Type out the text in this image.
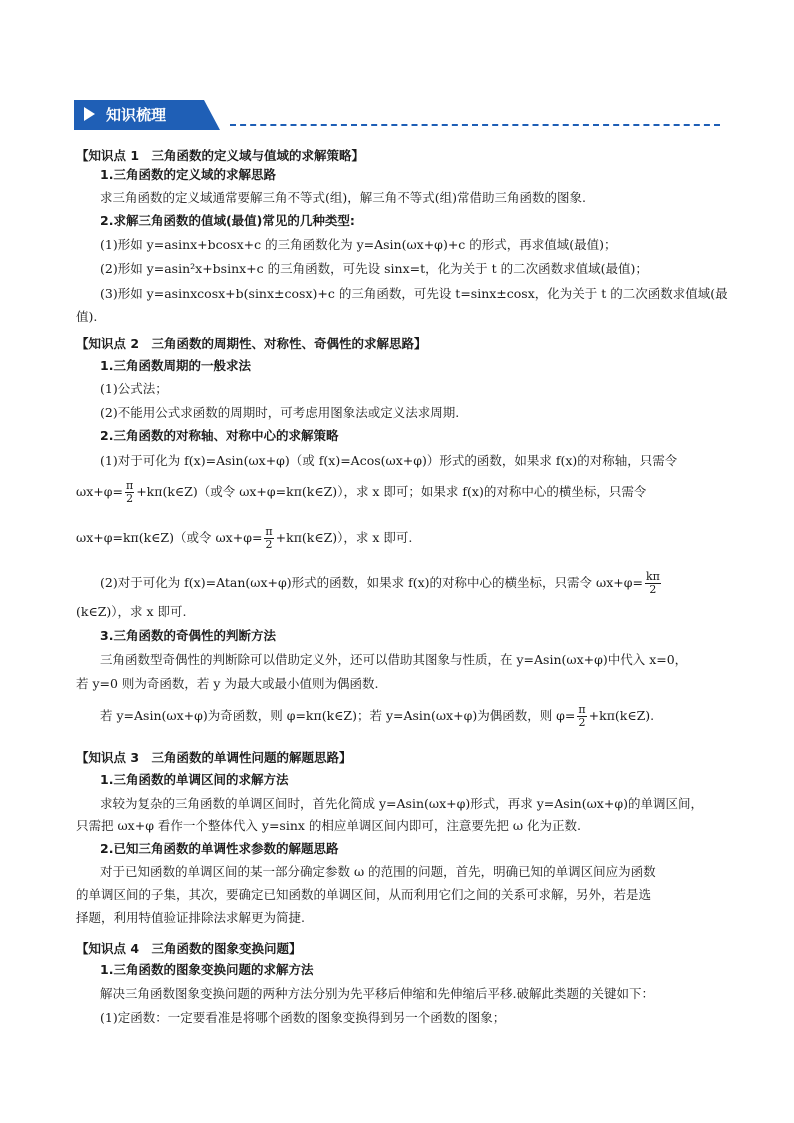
知识梳理
【知识点 1　三角函数的定义域与值域的求解策略】
1.三角函数的定义域的求解思路
求三角函数的定义域通常要解三角不等式(组)，解三角不等式(组)常借助三角函数的图象.
2.求解三角函数的值域(最值)常见的几种类型:
(1)形如 y=asinx+bcosx+c 的三角函数化为 y=Asin(ωx+φ)+c 的形式，再求值域(最值)；
(2)形如 y=asin²x+bsinx+c 的三角函数，可先设 sinx=t，化为关于 t 的二次函数求值域(最值)；
(3)形如 y=asinxcosx+b(sinx±cosx)+c 的三角函数，可先设 t=sinx±cosx，化为关于 t 的二次函数求值域(最
值).
【知识点 2　三角函数的周期性、对称性、奇偶性的求解思路】
1.三角函数周期的一般求法
(1)公式法；
(2)不能用公式求函数的周期时，可考虑用图象法或定义法求周期.
2.三角函数的对称轴、对称中心的求解策略
(1)对于可化为 f(x)=Asin(ωx+φ)（或 f(x)=Acos(ωx+φ)）形式的函数，如果求 f(x)的对称轴，只需令
$\omega x+\varphi= \frac{\pi}{2}$ +kπ(k∈Z)（或令 ωx+φ=kπ(k∈Z)），求 x 即可；如果求 f(x)的对称中心的横坐标，只需令
ωx+φ=kπ(k∈Z)（或令 $\omega x+\varphi= \frac{\pi}{2}$ +kπ(k∈Z)），求 x 即可.
(2)对于可化为 f(x)=Atan(ωx+φ)形式的函数，如果求 f(x)的对称中心的横坐标，只需令 $\omega x+\varphi= \frac{k\pi}{2}$
(k∈Z)），求 x 即可.
3.三角函数的奇偶性的判断方法
三角函数型奇偶性的判断除可以借助定义外，还可以借助其图象与性质，在 y=Asin(ωx+φ)中代入 x=0，
若 y=0 则为奇函数，若 y 为最大或最小值则为偶函数.
若 y=Asin(ωx+φ)为奇函数，则 φ=kπ(k∈Z)；若 y=Asin(ωx+φ)为偶函数，则 $\varphi= \frac{\pi}{2}$ +kπ(k∈Z).
【知识点 3　三角函数的单调性问题的解题思路】
1.三角函数的单调区间的求解方法
求较为复杂的三角函数的单调区间时，首先化简成 y=Asin(ωx+φ)形式，再求 y=Asin(ωx+φ)的单调区间，
只需把 ωx+φ 看作一个整体代入 y=sinx 的相应单调区间内即可，注意要先把 ω 化为正数.
2.已知三角函数的单调性求参数的解题思路
对于已知函数的单调区间的某一部分确定参数 ω 的范围的问题，首先，明确已知的单调区间应为函数
的单调区间的子集，其次，要确定已知函数的单调区间，从而利用它们之间的关系可求解，另外，若是选
择题，利用特值验证排除法求解更为简捷.
【知识点 4　三角函数的图象变换问题】
1.三角函数的图象变换问题的求解方法
解决三角函数图象变换问题的两种方法分别为先平移后伸缩和先伸缩后平移.破解此类题的关键如下：
(1)定函数：一定要看准是将哪个函数的图象变换得到另一个函数的图象；
